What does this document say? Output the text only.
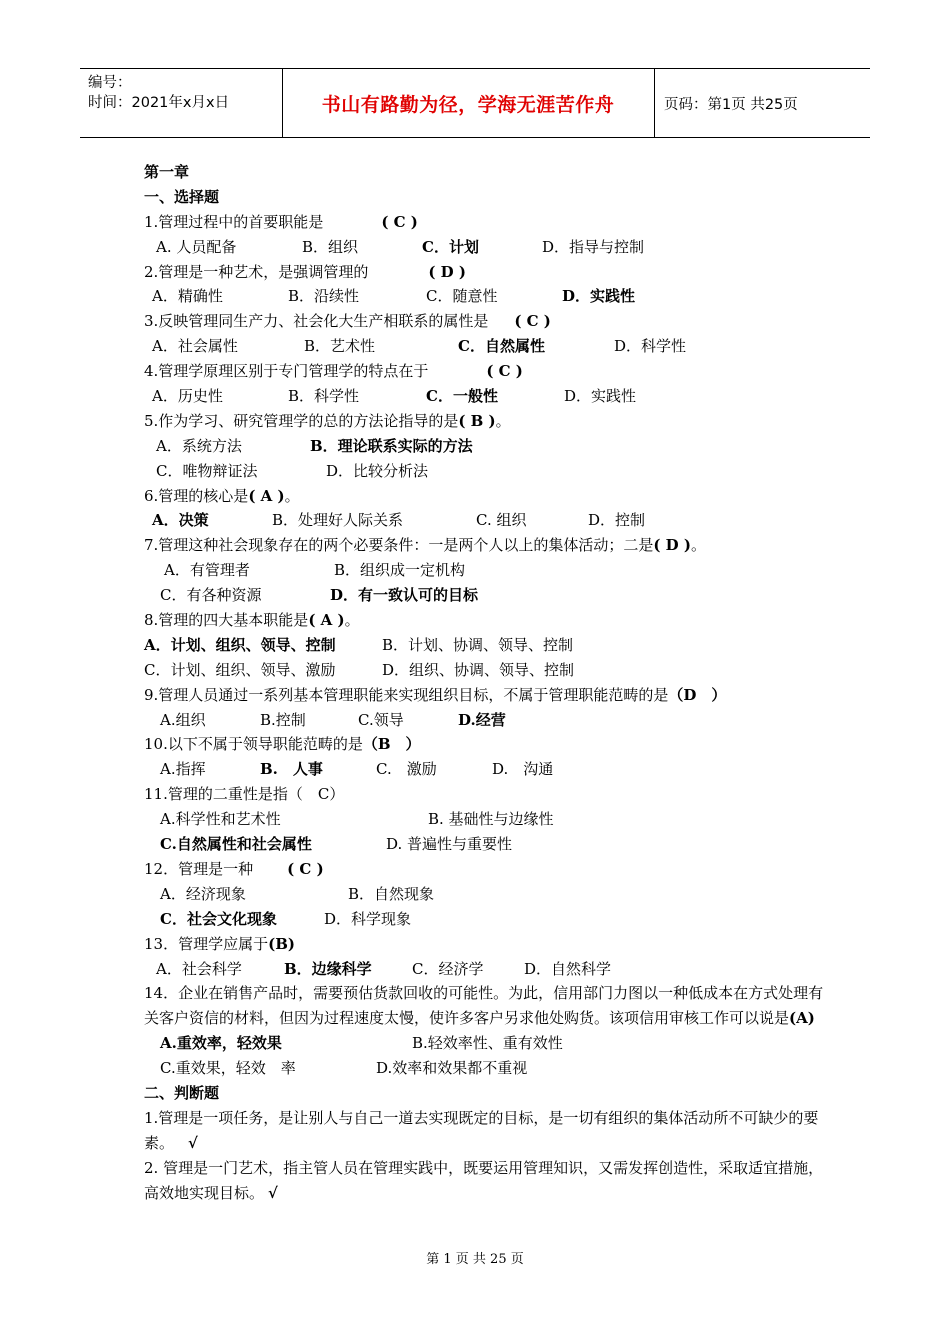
编号：
时间：2021年x月x日	书山有路勤为径，学海无涯苦作舟	页码：第1页 共25页
第一章
一、选择题
1.管理过程中的首要职能是	( C )
A. 人员配备	B．组织	C．计划	D．指导与控制
2.管理是一种艺术，是强调管理的	( D )
A．精确性	B．沿续性	C．随意性	D．实践性
3.反映管理同生产力、社会化大生产相联系的属性是 ( C )
A．社会属性	B．艺术性	C．自然属性	D．科学性
4.管理学原理区别于专门管理学的特点在于	( C )
A．历史性	B．科学性	C．一般性	D．实践性
5.作为学习、研究管理学的总的方法论指导的是( B )。
A．系统方法	B．理论联系实际的方法
C．唯物辩证法	D．比较分析法
6.管理的核心是( A )。
A．决策	B．处理好人际关系	C. 组织	D．控制
7.管理这种社会现象存在的两个必要条件：一是两个人以上的集体活动；二是( D )。
A．有管理者	B．组织成一定机构
C．有各种资源	D．有一致认可的目标
8.管理的四大基本职能是( A )。
A．计划、组织、领导、控制	B．计划、协调、领导、控制
C．计划、组织、领导、激励	D．组织、协调、领导、控制
9.管理人员通过一系列基本管理职能来实现组织目标，不属于管理职能范畴的是（D　）
A.组织	B.控制	C.领导	D.经营
10.以下不属于领导职能范畴的是（B　）
A.指挥	B.　人事	C.　激励	D.　沟通
11.管理的二重性是指（　C）
A.科学性和艺术性	B. 基础性与边缘性
C.自然属性和社会属性	D. 普遍性与重要性
12．管理是一种 ( C )
A．经济现象	B．自然现象
C．社会文化现象	D．科学现象
13．管理学应属于(B)
A．社会科学	B．边缘科学	C．经济学	D．自然科学
14．企业在销售产品时，需要预估货款回收的可能性。为此，信用部门力图以一种低成本在方式处理有关客户资信的材料，但因为过程速度太慢，使许多客户另求他处购货。该项信用审核工作可以说是(A)
A.重效率，轻效果	B.轻效率性、重有效性
C.重效果，轻效　率	D.效率和效果都不重视
二、判断题
1.管理是一项任务，是让别人与自己一道去实现既定的目标，是一切有组织的集体活动所不可缺少的要素。 √
2. 管理是一门艺术，指主管人员在管理实践中，既要运用管理知识，又需发挥创造性，采取适宜措施，高效地实现目标。 √
第 1 页 共 25 页
